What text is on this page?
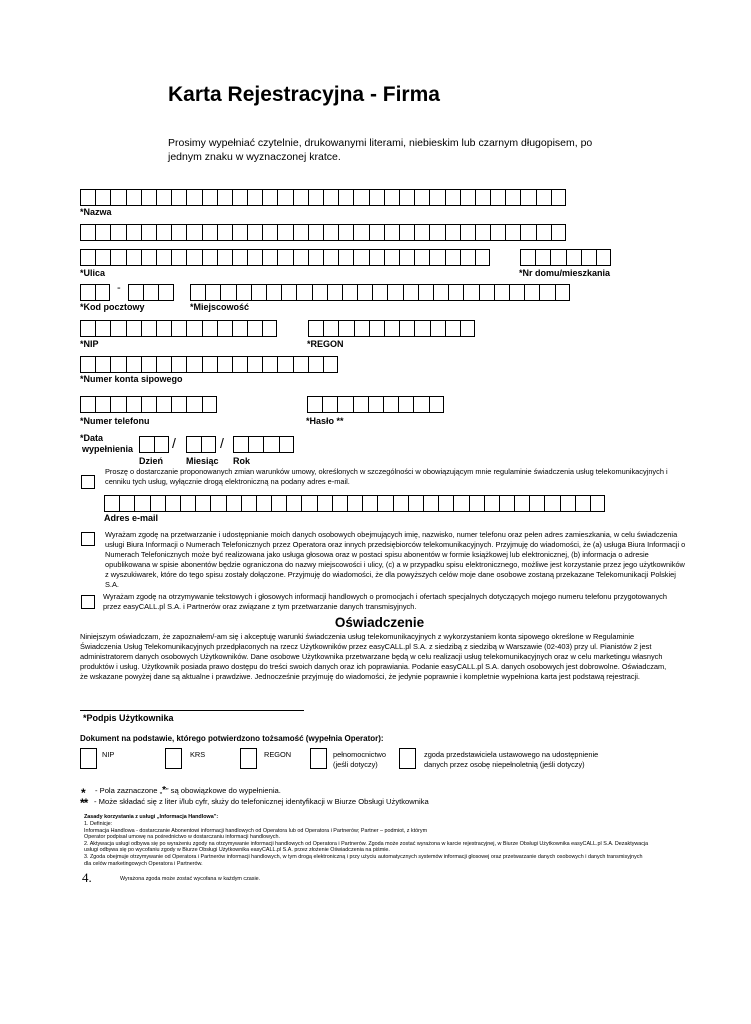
Karta Rejestracyjna - Firma
Prosimy wypełniać czytelnie, drukowanymi literami, niebieskim lub czarnym długopisem, po jednym znaku w wyznaczonej kratce.
*Nazwa
*Ulica	*Nr domu/mieszkania
-
*Kod pocztowy	*Miejscowość
*NIP	*REGON
*Numer konta sipowego
*Numer telefonu	*Hasło **
*Data
wypełnienia	/	/
Dzień	Miesiąc Rok
Proszę o dostarczanie proponowanych zmian warunków umowy, określonych w szczególności w obowiązującym mnie regulaminie świadczenia usług telekomunikacyjnych i cenniku tych usług, wyłącznie drogą elektroniczną na podany adres e-mail.
Adres e-mail
Wyrażam zgodę na przetwarzanie i udostępnianie moich danych osobowych obejmujących imię, nazwisko, numer telefonu oraz pełen adres zamieszkania, w celu świadczenia usługi Biura Informacji o Numerach Telefonicznych przez Operatora oraz innych przedsiębiorców telekomunikacyjnych. Przyjmuję do wiadomości, że (a) usługa Biura Informacji o Numerach Telefonicznych może być realizowana jako usługa głosowa oraz w postaci spisu abonentów w formie książkowej lub elektronicznej, (b) informacja o adresie opublikowana w spisie abonentów będzie ograniczona do nazwy miejscowości i ulicy, (c) a w przypadku spisu elektronicznego, możliwe jest korzystanie przez jego użytkowników z wyszukiwarek, które do tego spisu zostały dołączone. Przyjmuję do wiadomości, że dla powyższych celów moje dane osobowe zostaną przekazane Telekomunikacji Polskiej S.A.
Wyrażam zgodę na otrzymywanie tekstowych i głosowych informacji handlowych o promocjach i ofertach specjalnych dotyczących mojego numeru telefonu przygotowanych przez easyCALL.pl S.A. i Partnerów oraz związane z tym przetwarzanie danych transmisyjnych.
Oświadczenie
Niniejszym oświadczam, że zapoznałem/-am się i akceptuję warunki świadczenia usług telekomunikacyjnych z wykorzystaniem konta sipowego określone w Regulaminie Świadczenia Usług Telekomunikacyjnych przedpłaconych na rzecz Użytkowników przez easyCALL.pl S.A. z siedzibą z siedzibą w Warszawie (02-403) przy ul. Pianistów 2 jest administratorem danych osobowych Użytkowników. Dane osobowe Użytkownika przetwarzane będą w celu realizacji usług telekomunikacyjnych oraz w celu marketingu własnych produktów i usług. Użytkownik posiada prawo dostępu do treści swoich danych oraz ich poprawiania. Podanie easyCALL.pl S.A. danych osobowych jest dobrowolne. Oświadczam, że wskazane powyżej dane są aktualne i prawdziwe. Jednocześnie przyjmuję do wiadomości, że jedynie poprawnie i kompletnie wypełniona karta jest podstawą rejestracji.
*Podpis Użytkownika
Dokument na podstawie, którego potwierdzono tożsamość (wypełnia Operator):
NIP	KRS	REGON	pełnomocnictwo
(jeśli dotyczy)
zgoda przedstawiciela ustawowego na udostępnienie
danych przez osobę niepełnoletnią (jeśli dotyczy)
* - Pola zaznaczone „*” są obowiązkowe do wypełnienia.
** - Może składać się z liter i/lub cyfr, służy do telefonicznej identyfikacji w Biurze Obsługi Użytkownika
Zasady korzystania z usługi „Informacja Handlowa”:
1. Definicje:
Informacja Handlowa - dostarczanie Abonentowi informacji handlowych od Operatora lub od Operatora i Partnerów; Partner – podmiot, z którym
Operator podpisał umowę na pośrednictwo w dostarczaniu informacji handlowych.
2. Aktywacja usługi odbywa się po wyrażeniu zgody na otrzymywanie informacji handlowych od Operatora i Partnerów. Zgoda może zostać wyrażona w karcie rejestracyjnej, w Biurze Obsługi Użytkownika easyCALL.pl S.A. Dezaktywacja
usługi odbywa się po wycofaniu zgody w Biurze Obsługi Użytkownika easyCALL.pl S.A. przez złożenie Oświadczenia na piśmie.
3. Zgoda obejmuje otrzymywanie od Operatora i Partnerów informacji handlowych, w tym drogą elektroniczną i przy użyciu automatycznych systemów informacji głosowej oraz przetwarzanie danych osobowych i danych transmisyjnych
dla celów marketingowych Operatora i Partnerów.
4.	Wyrażona zgoda może zostać wycofana w każdym czasie.
